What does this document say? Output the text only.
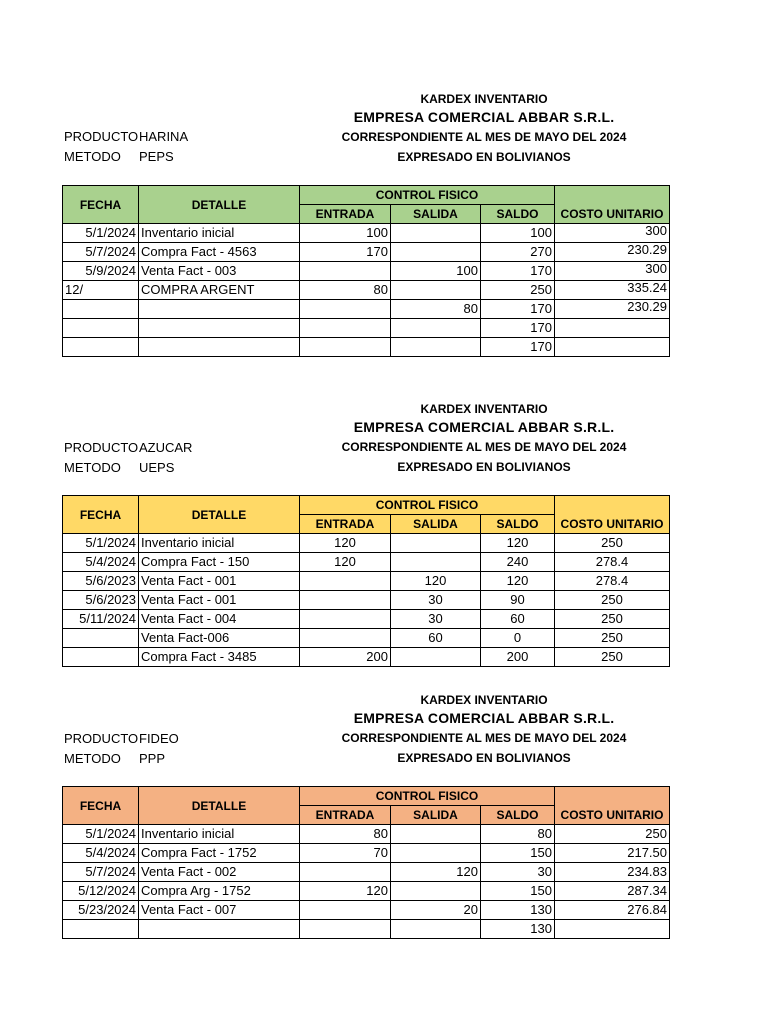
KARDEX INVENTARIO
EMPRESA COMERCIAL ABBAR S.R.L.
CORRESPONDIENTE AL MES DE MAYO DEL 2024
EXPRESADO EN BOLIVIANOS
PRODUCTO HARINA
METODO PEPS
FECHA	DETALLE	CONTROL FISICO			COSTO UNITARIO
		ENTRADA	SALIDA	SALDO	
5/1/2024	Inventario inicial	100		100	300
5/7/2024	Compra Fact - 4563	170		270	230.29
5/9/2024	Venta Fact - 003		100	170	300
12/	COMPRA ARGENT	80		250	335.24
			80	170	230.29
				170	
				170	
KARDEX INVENTARIO
EMPRESA COMERCIAL ABBAR S.R.L.
CORRESPONDIENTE AL MES DE MAYO DEL 2024
EXPRESADO EN BOLIVIANOS
PRODUCTO AZUCAR
METODO UEPS
FECHA	DETALLE	CONTROL FISICO			COSTO UNITARIO
		ENTRADA	SALIDA	SALDO	
5/1/2024	Inventario inicial	120		120	250
5/4/2024	Compra Fact - 150	120		240	278.4
5/6/2023	Venta Fact - 001		120	120	278.4
5/6/2023	Venta Fact - 001		30	90	250
5/11/2024	Venta Fact - 004		30	60	250
	Venta Fact-006		60	0	250
	Compra Fact - 3485	200		200	250
KARDEX INVENTARIO
EMPRESA COMERCIAL ABBAR S.R.L.
CORRESPONDIENTE AL MES DE MAYO DEL 2024
EXPRESADO EN BOLIVIANOS
PRODUCTO FIDEO
METODO PPP
FECHA	DETALLE	CONTROL FISICO			COSTO UNITARIO
		ENTRADA	SALIDA	SALDO	
5/1/2024	Inventario inicial	80		80	250
5/4/2024	Compra Fact - 1752	70		150	217.50
5/7/2024	Venta Fact - 002		120	30	234.83
5/12/2024	Compra Arg - 1752	120		150	287.34
5/23/2024	Venta Fact - 007		20	130	276.84
				130	
